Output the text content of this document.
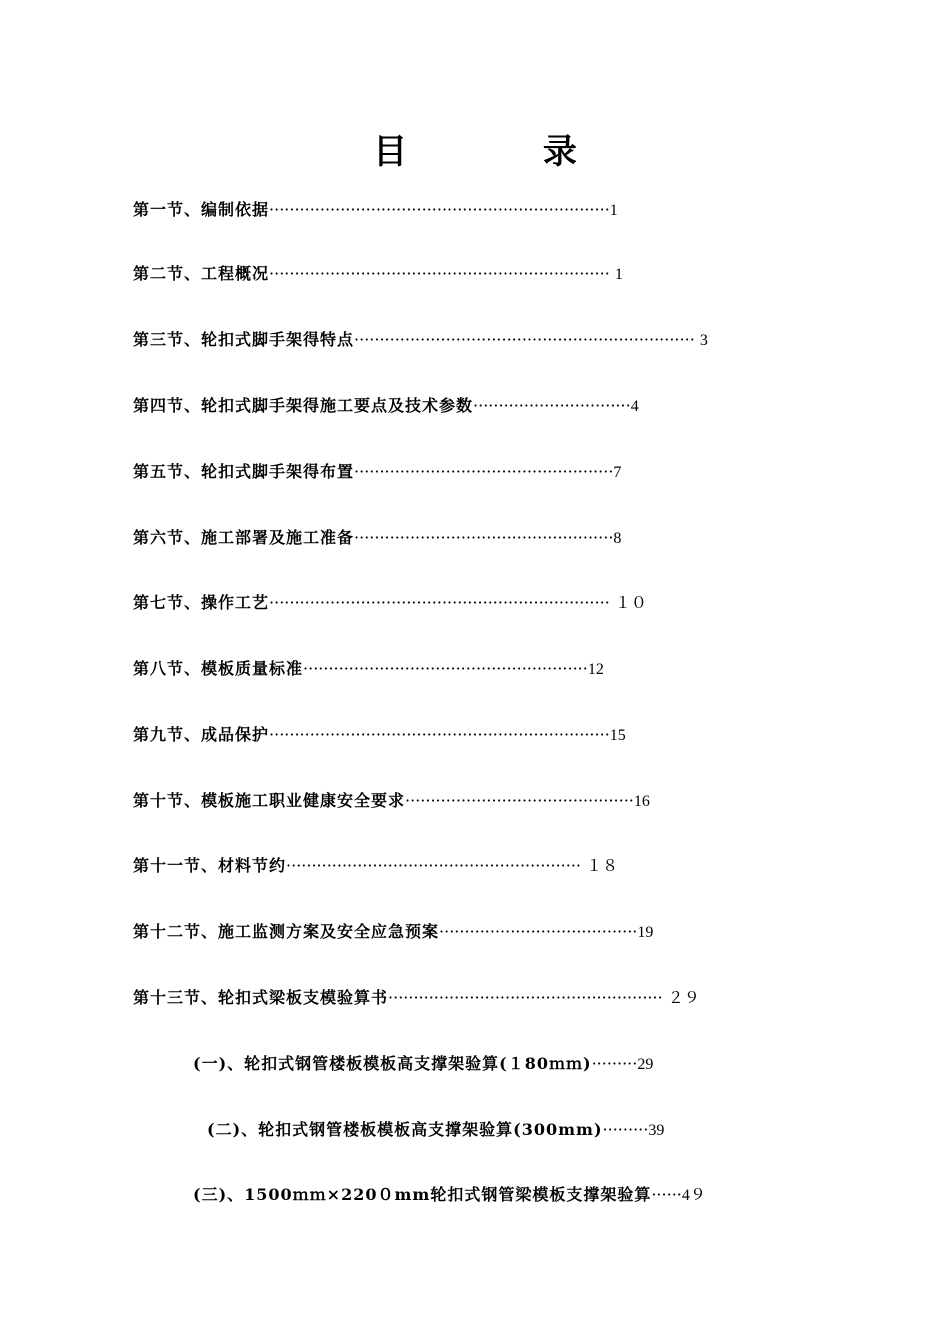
目 录
第一节、编制依据···································································1
第二节、工程概况··································································· 1
第三节、轮扣式脚手架得特点··································································· 3
第四节、轮扣式脚手架得施工要点及技术参数·······························4
第五节、轮扣式脚手架得布置···················································7
第六节、施工部署及施工准备···················································8
第七节、操作工艺··································································· １０
第八节、模板质量标准························································12
第九节、成品保护···································································15
第十节、模板施工职业健康安全要求·············································16
第十一节、材料节约·························································· １８
第十二节、施工监测方案及安全应急预案·······································19
第十三节、轮扣式梁板支模验算书······················································ ２９
(一)、轮扣式钢管楼板模板高支撑架验算(１80ｍｍ)·········29
(二)、轮扣式钢管楼板模板高支撑架验算(300mm)·········39
(三)、1500ｍｍ×220０mm轮扣式钢管梁模板支撑架验算······4９
